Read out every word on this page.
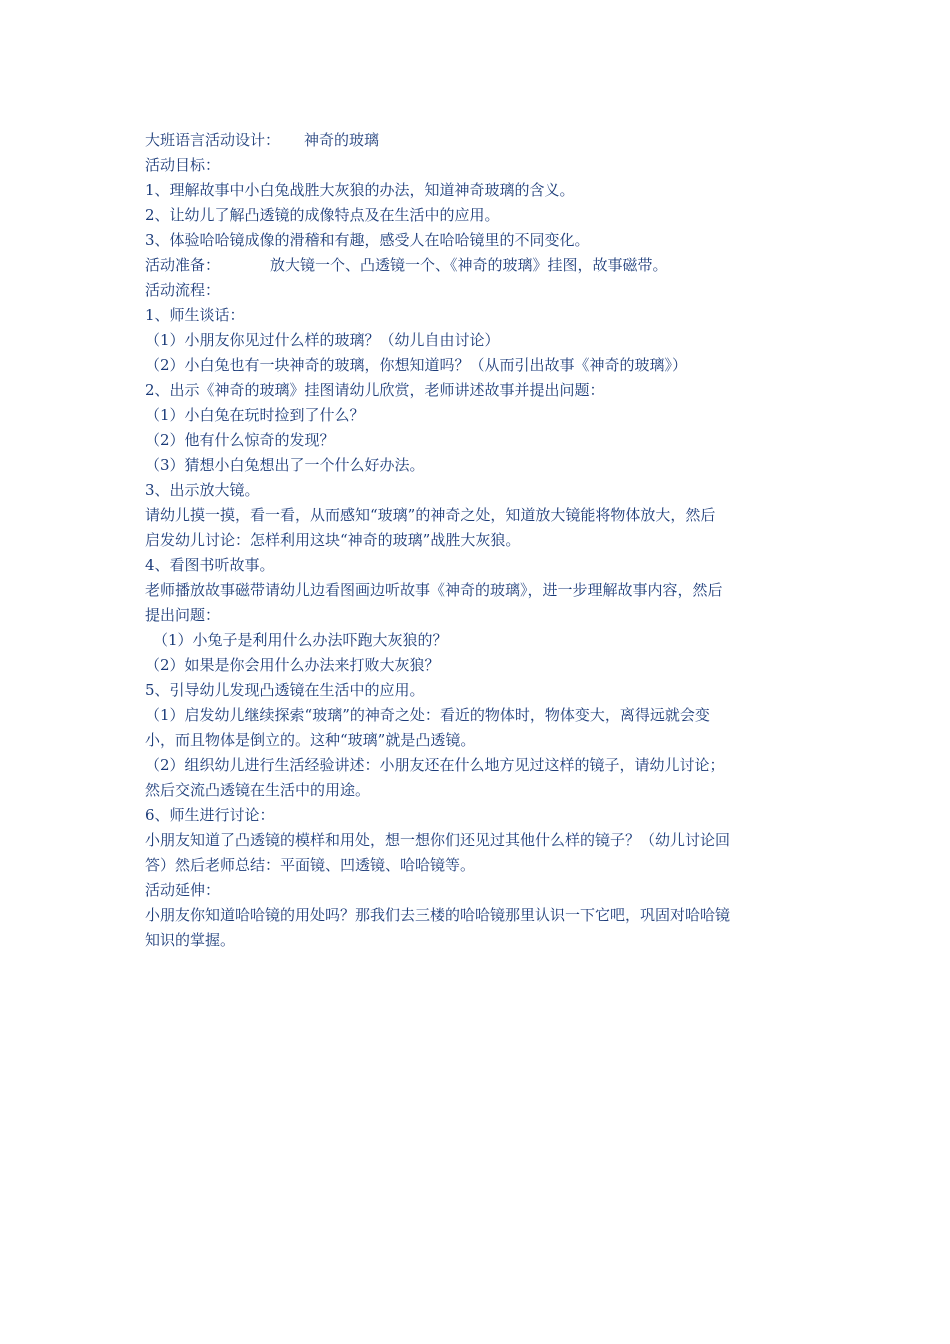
大班语言活动设计： 神奇的玻璃
活动目标：
1、理解故事中小白兔战胜大灰狼的办法，知道神奇玻璃的含义。
2、让幼儿了解凸透镜的成像特点及在生活中的应用。
3、体验哈哈镜成像的滑稽和有趣，感受人在哈哈镜里的不同变化。
活动准备：	放大镜一个、凸透镜一个、《神奇的玻璃》挂图，故事磁带。
活动流程：
1、师生谈话：
（1）小朋友你见过什么样的玻璃？（幼儿自由讨论）
（2）小白兔也有一块神奇的玻璃，你想知道吗？（从而引出故事《神奇的玻璃》）
2、出示《神奇的玻璃》挂图请幼儿欣赏，老师讲述故事并提出问题：
（1）小白兔在玩时捡到了什么？
（2）他有什么惊奇的发现？
（3）猜想小白兔想出了一个什么好办法。
3、出示放大镜。
请幼儿摸一摸，看一看，从而感知“玻璃”的神奇之处，知道放大镜能将物体放大，然后
启发幼儿讨论：怎样利用这块“神奇的玻璃”战胜大灰狼。
4、看图书听故事。
老师播放故事磁带请幼儿边看图画边听故事《神奇的玻璃》，进一步理解故事内容，然后
提出问题：
（1）小兔子是利用什么办法吓跑大灰狼的？
（2）如果是你会用什么办法来打败大灰狼？
5、引导幼儿发现凸透镜在生活中的应用。
（1）启发幼儿继续探索“玻璃”的神奇之处：看近的物体时，物体变大，离得远就会变
小，而且物体是倒立的。这种“玻璃”就是凸透镜。
（2）组织幼儿进行生活经验讲述：小朋友还在什么地方见过这样的镜子，请幼儿讨论；
然后交流凸透镜在生活中的用途。
6、师生进行讨论：
小朋友知道了凸透镜的模样和用处，想一想你们还见过其他什么样的镜子？（幼儿讨论回
答）然后老师总结：平面镜、凹透镜、哈哈镜等。
活动延伸：
小朋友你知道哈哈镜的用处吗？那我们去三楼的哈哈镜那里认识一下它吧，巩固对哈哈镜
知识的掌握。
